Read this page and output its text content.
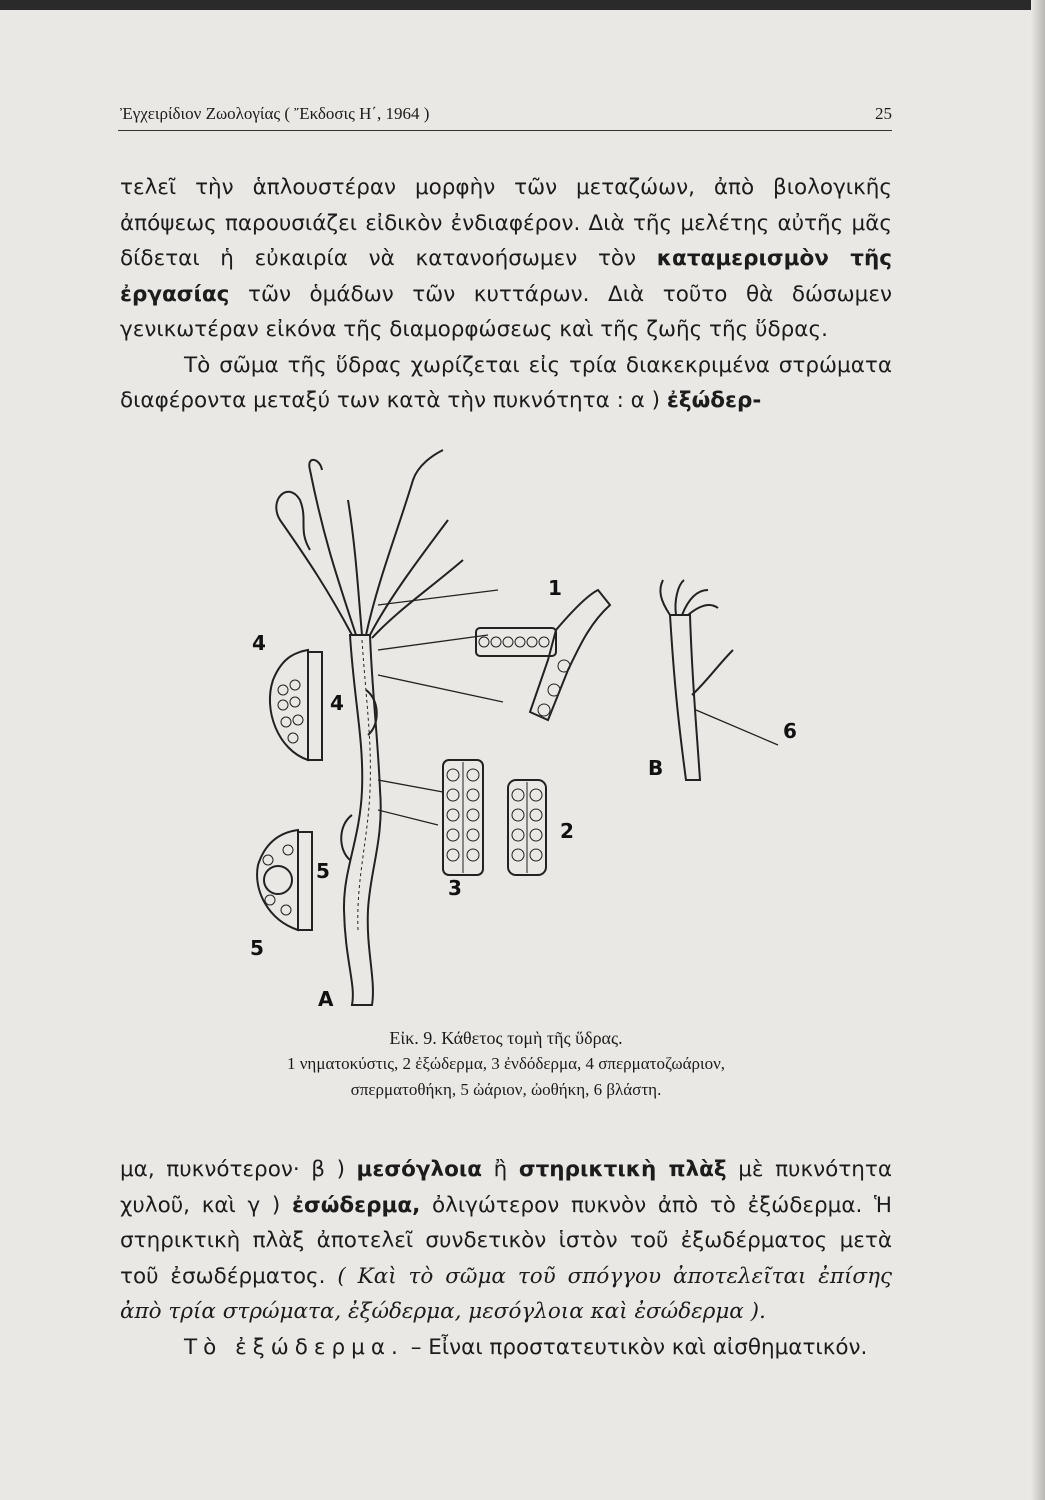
Ἐγχειρίδιον Ζωολογίας ( Ἔκδοσις Η΄, 1964 )	25

τελεῖ τὴν ἁπλουστέραν μορφὴν τῶν μεταζώων, ἀπὸ βιολογικῆς ἀπόψεως παρουσιάζει εἰδικὸν ἐνδιαφέρον. Διὰ τῆς μελέτης αὐτῆς μᾶς δίδεται ἡ εὐκαιρία νὰ κατανοήσωμεν τὸν καταμερισμὸν τῆς ἐργασίας τῶν ὁμάδων τῶν κυττάρων. Διὰ τοῦτο θὰ δώσωμεν γενικωτέραν εἰκόνα τῆς διαμορφώσεως καὶ τῆς ζωῆς τῆς ὕδρας.

Τὸ σῶμα τῆς ὕδρας χωρίζεται εἰς τρία διακεκριμένα στρώματα διαφέροντα μεταξύ των κατὰ τὴν πυκνότητα : α ) ἐξώδερ-

1
2
3
4
4
5
5
6
Α
Β
Εἰκ. 9. Κάθετος τομὴ τῆς ὕδρας.
1 νηματοκύστις, 2 ἐξώδερμα, 3 ἐνδόδερμα, 4 σπερματοζωάριον,
σπερματοθήκη, 5 ὠάριον, ὠοθήκη, 6 βλάστη.

μα, πυκνότερον· β ) μεσόγλοια ἢ στηρικτικὴ πλὰξ μὲ πυκνότητα χυλοῦ, καὶ γ ) ἐσώδερμα, ὀλιγώτερον πυκνὸν ἀπὸ τὸ ἐξώδερμα. Ἡ στηρικτικὴ πλὰξ ἀποτελεῖ συνδετικὸν ἱστὸν τοῦ ἐξωδέρματος μετὰ τοῦ ἐσωδέρματος. ( Καὶ τὸ σῶμα τοῦ σπόγγου ἀποτελεῖται ἐπίσης ἀπὸ τρία στρώματα, ἐξώδερμα, μεσόγλοια καὶ ἐσώδερμα ).

Τὸ ἐξώδερμα. – Εἶναι προστατευτικὸν καὶ αἰσθηματικόν.
